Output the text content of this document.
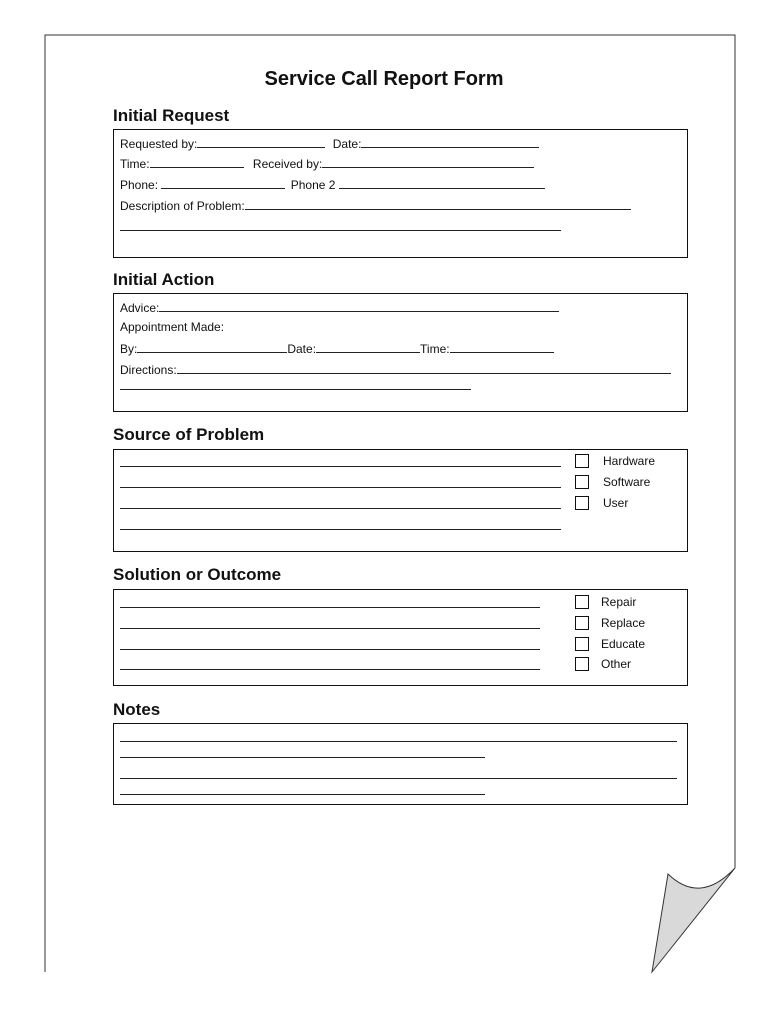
Service Call Report Form
Initial Request
Requested by:	Date:
Time:	Received by:
Phone:	Phone 2
Description of Problem:
Initial Action
Advice:
Appointment Made:
By:	Date:	Time:
Directions:
Source of Problem
Hardware
Software
User
Solution or Outcome
Repair
Replace
Educate
Other
Notes
